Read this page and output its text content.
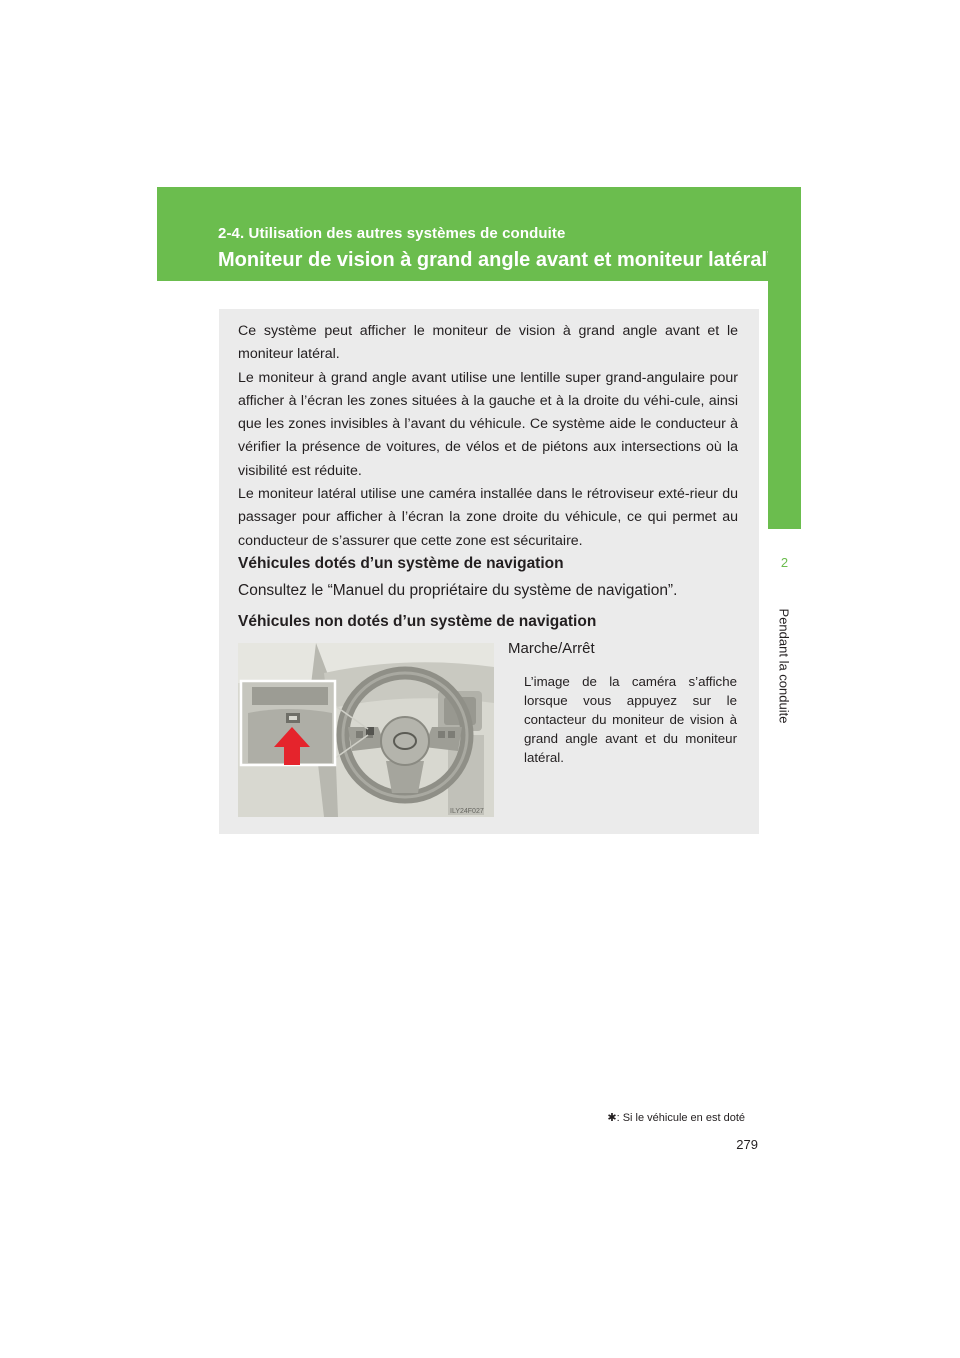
2-4. Utilisation des autres systèmes de conduite
Moniteur de vision à grand angle avant et moniteur latéral
2
Pendant la conduite

Ce système peut afficher le moniteur de vision à grand angle avant et le moniteur latéral.

Le moniteur à grand angle avant utilise une lentille super grand-angulaire pour afficher à l’écran les zones situées à la gauche et à la droite du véhi-cule, ainsi que les zones invisibles à l’avant du véhicule. Ce système aide le conducteur à vérifier la présence de voitures, de vélos et de piétons aux intersections où la visibilité est réduite.

Le moniteur latéral utilise une caméra installée dans le rétroviseur exté-rieur du passager pour afficher à l’écran la zone droite du véhicule, ce qui permet au conducteur de s’assurer que cette zone est sécuritaire.

Véhicules dotés d’un système de navigation
Consultez le “Manuel du propriétaire du système de navigation”.
Véhicules non dotés d’un système de navigation
ILY24F027
Marche/Arrêt
L’image de la caméra s’affiche lorsque vous appuyez sur le contacteur du moniteur de vision à grand angle avant et du moniteur latéral.
✱: Si le véhicule en est doté
279
